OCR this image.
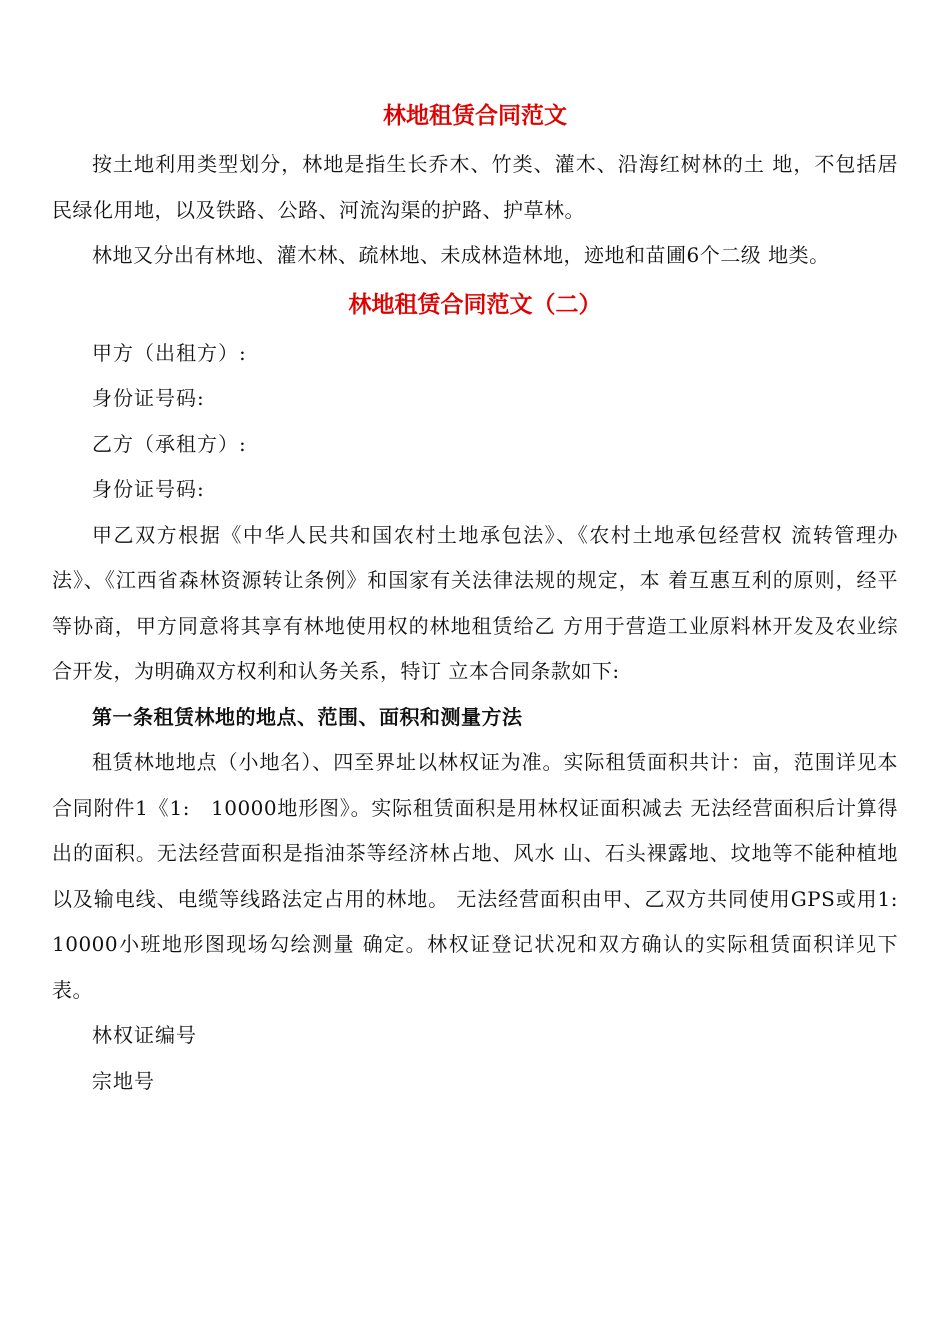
林地租赁合同范文

按土地利用类型划分，林地是指生长乔木、竹类、灌木、沿海红树林的土 地，不包括居民绿化用地，以及铁路、公路、河流沟渠的护路、护草林。

林地又分出有林地、灌木林、疏林地、未成林造林地，迹地和苗圃6个二级 地类。

林地租赁合同范文（二）

甲方（出租方）:

身份证号码:

乙方（承租方）:

身份证号码:

甲乙双方根据《中华人民共和国农村土地承包法》、《农村土地承包经营权 流转管理办法》、《江西省森林资源转让条例》和国家有关法律法规的规定，本 着互惠互利的原则，经平等协商，甲方同意将其享有林地使用权的林地租赁给乙 方用于营造工业原料林开发及农业综合开发，为明确双方权利和认务关系，特订 立本合同条款如下:

第一条租赁林地的地点、范围、面积和测量方法

租赁林地地点（小地名）、四至界址以林权证为准。实际租赁面积共计：亩，范围详见本合同附件1《1:　10000地形图》。实际租赁面积是用林权证面积减去 无法经营面积后计算得出的面积。无法经营面积是指油茶等经济林占地、风水 山、石头裸露地、坟地等不能种植地以及输电线、电缆等线路法定占用的林地。 无法经营面积由甲、乙双方共同使用GPS或用1:　10000小班地形图现场勾绘测量 确定。林权证登记状况和双方确认的实际租赁面积详见下表。

林权证编号

宗地号
